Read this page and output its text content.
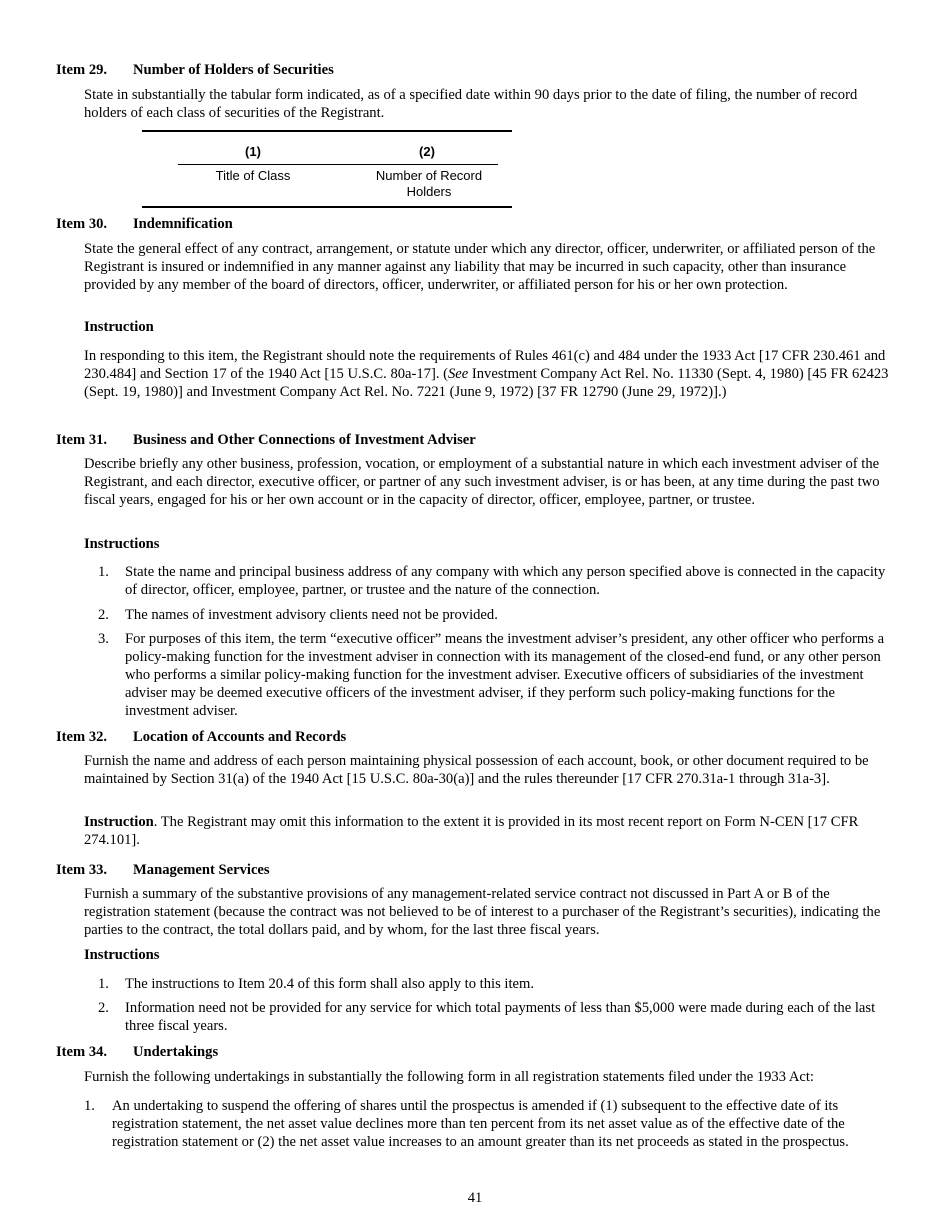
Item 29. Number of Holders of Securities

State in substantially the tabular form indicated, as of a specified date within 90 days prior to the date of filing, the number of record holders of each class of securities of the Registrant.

(1)	(2)
Title of Class	Number of Record Holders
Item 30. Indemnification

State the general effect of any contract, arrangement, or statute under which any director, officer, underwriter, or affiliated person of the Registrant is insured or indemnified in any manner against any liability that may be incurred in such capacity, other than insurance provided by any member of the board of directors, officer, underwriter, or affiliated person for his or her own protection.

Instruction

In responding to this item, the Registrant should note the requirements of Rules 461(c) and 484 under the 1933 Act [17 CFR 230.461 and 230.484] and Section 17 of the 1940 Act [15 U.S.C. 80a-17]. (See Investment Company Act Rel. No. 11330 (Sept. 4, 1980) [45 FR 62423 (Sept. 19, 1980)] and Investment Company Act Rel. No. 7221 (June 9, 1972) [37 FR 12790 (June 29, 1972)].)

Item 31. Business and Other Connections of Investment Adviser

Describe briefly any other business, profession, vocation, or employment of a substantial nature in which each investment adviser of the Registrant, and each director, executive officer, or partner of any such investment adviser, is or has been, at any time during the past two fiscal years, engaged for his or her own account or in the capacity of director, officer, employee, partner, or trustee.

Instructions

1. State the name and principal business address of any company with which any person specified above is connected in the capacity of director, officer, employee, partner, or trustee and the nature of the connection.

2. The names of investment advisory clients need not be provided.

3. For purposes of this item, the term “executive officer” means the investment adviser’s president, any other officer who performs a policy-making function for the investment adviser in connection with its management of the closed-end fund, or any other person who performs a similar policy-making function for the investment adviser. Executive officers of subsidiaries of the investment adviser may be deemed executive officers of the investment adviser, if they perform such policy-making functions for the investment adviser.

Item 32. Location of Accounts and Records

Furnish the name and address of each person maintaining physical possession of each account, book, or other document required to be maintained by Section 31(a) of the 1940 Act [15 U.S.C. 80a-30(a)] and the rules thereunder [17 CFR 270.31a-1 through 31a-3].

Instruction. The Registrant may omit this information to the extent it is provided in its most recent report on Form N-CEN [17 CFR 274.101].

Item 33. Management Services

Furnish a summary of the substantive provisions of any management-related service contract not discussed in Part A or B of the registration statement (because the contract was not believed to be of interest to a purchaser of the Registrant’s securities), indicating the parties to the contract, the total dollars paid, and by whom, for the last three fiscal years.

Instructions

1. The instructions to Item 20.4 of this form shall also apply to this item.

2. Information need not be provided for any service for which total payments of less than $5,000 were made during each of the last three fiscal years.

Item 34. Undertakings

Furnish the following undertakings in substantially the following form in all registration statements filed under the 1933 Act:

1. An undertaking to suspend the offering of shares until the prospectus is amended if (1) subsequent to the effective date of its registration statement, the net asset value declines more than ten percent from its net asset value as of the effective date of the registration statement or (2) the net asset value increases to an amount greater than its net proceeds as stated in the prospectus.

41
